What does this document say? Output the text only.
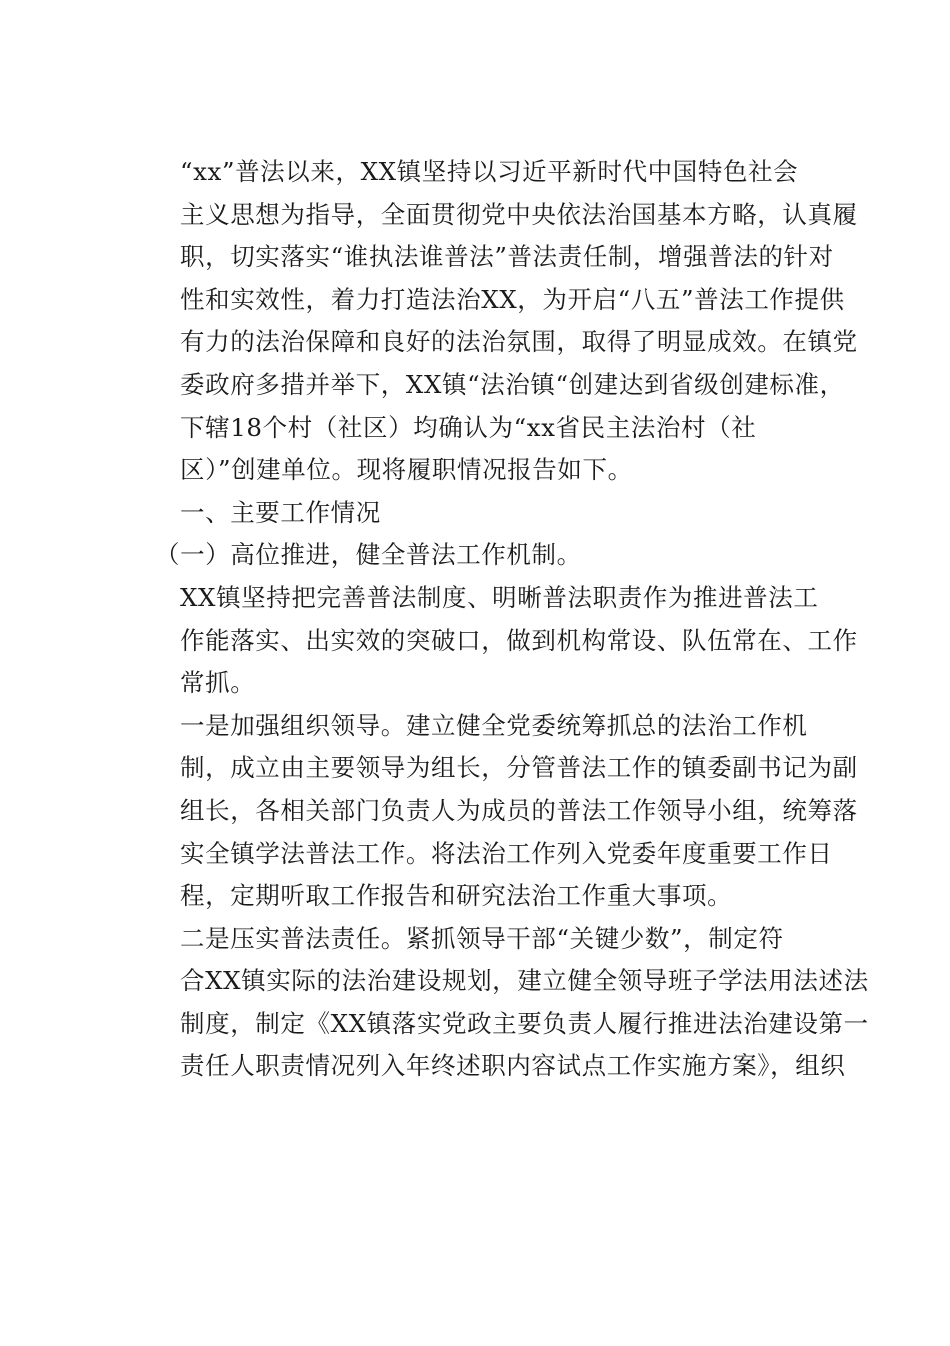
“xx”普法以来，XX镇坚持以习近平新时代中国特色社会
主义思想为指导，全面贯彻党中央依法治国基本方略，认真履
职，切实落实“谁执法谁普法”普法责任制，增强普法的针对
性和实效性，着力打造法治XX，为开启“八五”普法工作提供
有力的法治保障和良好的法治氛围，取得了明显成效。在镇党
委政府多措并举下，XX镇“法治镇“创建达到省级创建标准，
下辖18个村（社区）均确认为“xx省民主法治村（社
区）”创建单位。现将履职情况报告如下。

一、主要工作情况

（一）高位推进，健全普法工作机制。

XX镇坚持把完善普法制度、明晰普法职责作为推进普法工
作能落实、出实效的突破口，做到机构常设、队伍常在、工作
常抓。

一是加强组织领导。建立健全党委统筹抓总的法治工作机
制，成立由主要领导为组长，分管普法工作的镇委副书记为副
组长，各相关部门负责人为成员的普法工作领导小组，统筹落
实全镇学法普法工作。将法治工作列入党委年度重要工作日
程，定期听取工作报告和研究法治工作重大事项。

二是压实普法责任。紧抓领导干部“关键少数”，制定符
合XX镇实际的法治建设规划，建立健全领导班子学法用法述法
制度，制定《XX镇落实党政主要负责人履行推进法治建设第一
责任人职责情况列入年终述职内容试点工作实施方案》，组织
